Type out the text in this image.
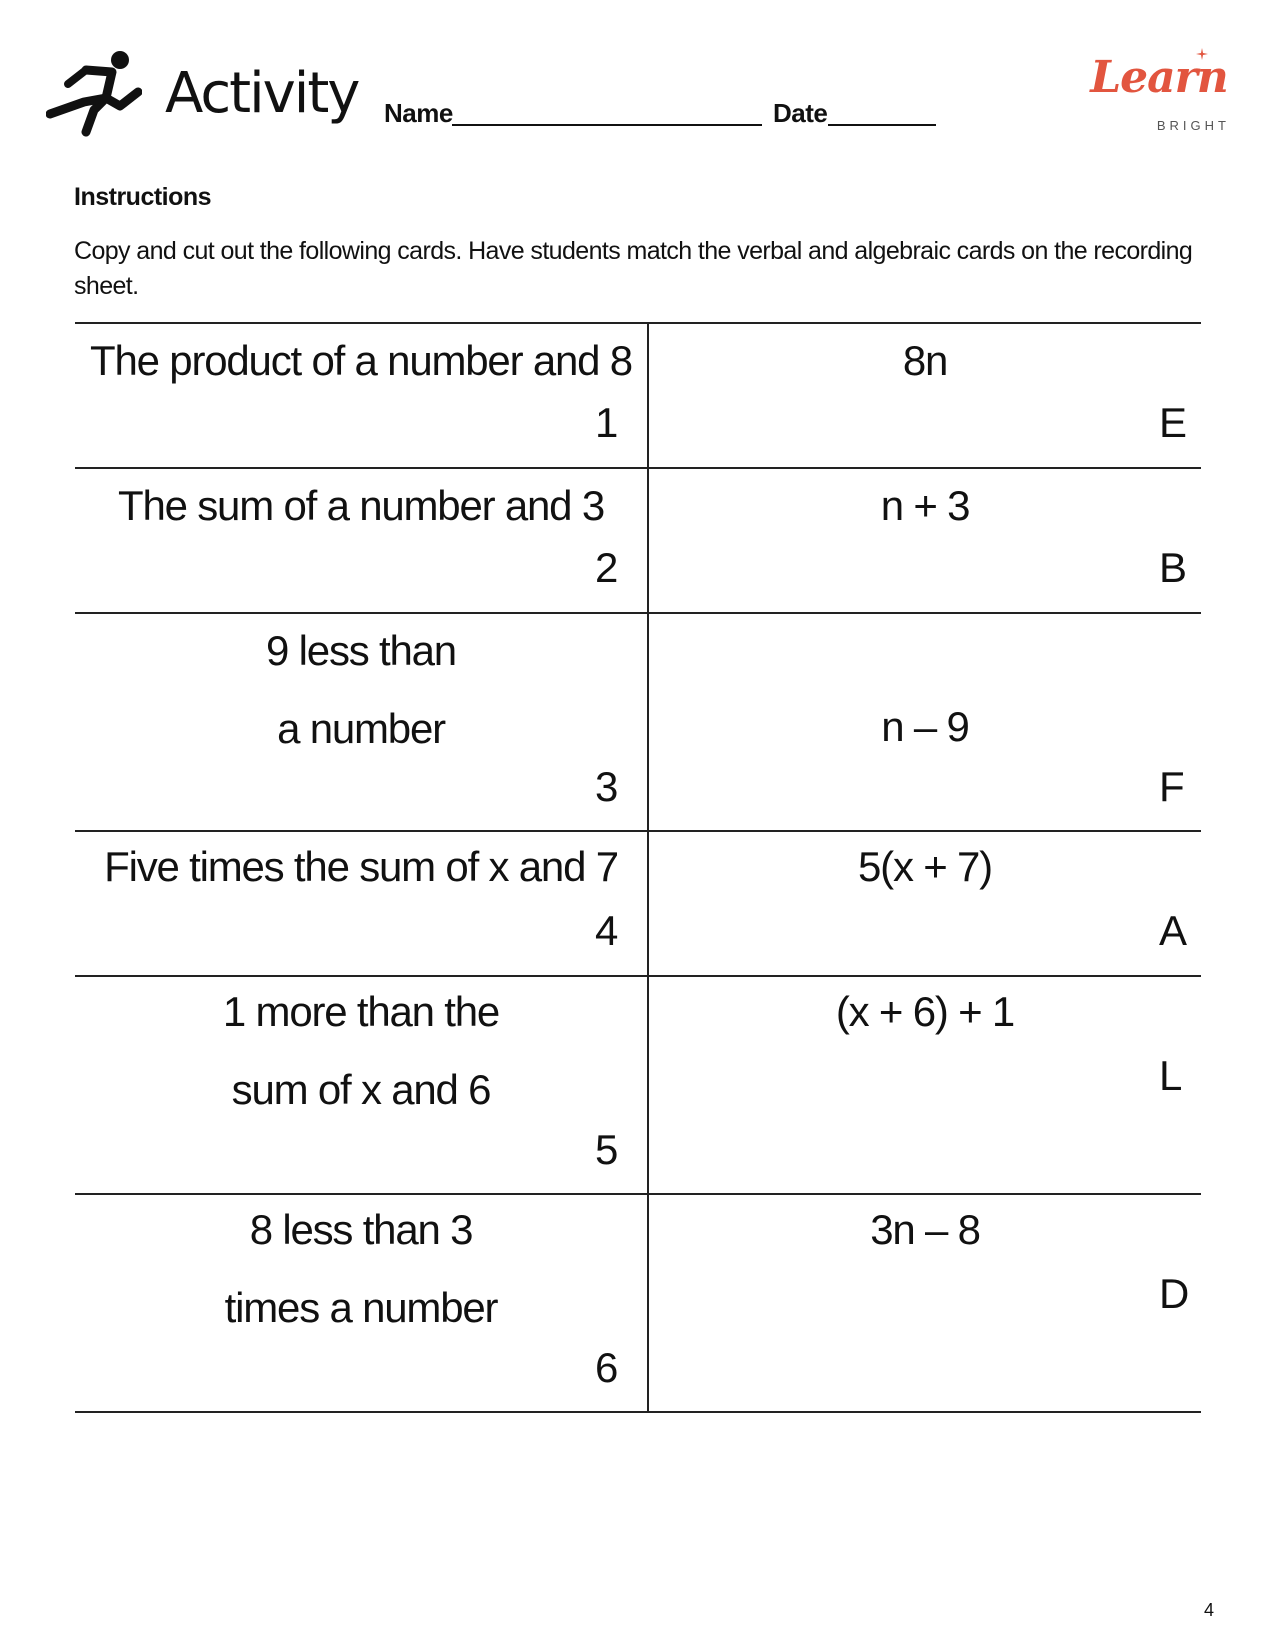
Activity Name	Date
Learn
BRIGHT
Instructions
Copy and cut out the following cards. Have students match the verbal and algebraic cards on the recording sheet.
The product of a number and 8
1
8n
E
The sum of a number and 3
2
n + 3
B
9 less than
a number
3
n – 9
F
Five times the sum of x and 7
4
5(x + 7)
A
1 more than the
sum of x and 6
5
(x + 6) + 1
L
8 less than 3
times a number
6
3n – 8
D
4
